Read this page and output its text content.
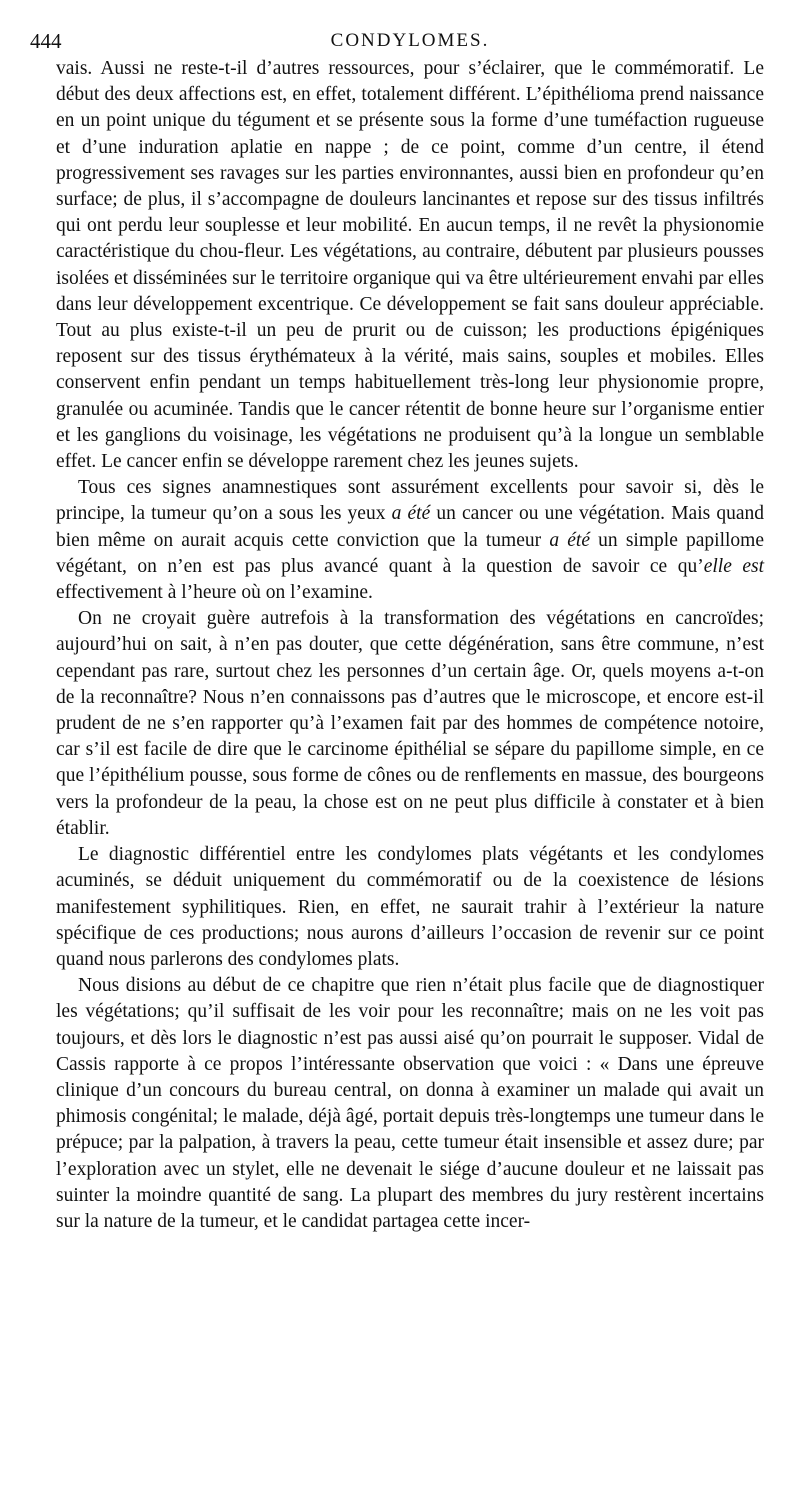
444	CONDYLOMES.

vais. Aussi ne reste-t-il d’autres ressources, pour s’éclairer, que le commémoratif. Le début des deux affections est, en effet, totalement différent. L’épithélioma prend naissance en un point unique du tégument et se présente sous la forme d’une tuméfaction rugueuse et d’une induration aplatie en nappe ; de ce point, comme d’un centre, il étend progressivement ses ravages sur les parties environnantes, aussi bien en profondeur qu’en surface; de plus, il s’accompagne de douleurs lancinantes et repose sur des tissus infiltrés qui ont perdu leur souplesse et leur mobilité. En aucun temps, il ne revêt la physionomie caractéristique du chou-fleur. Les végétations, au contraire, débutent par plusieurs pousses isolées et disséminées sur le territoire organique qui va être ultérieurement envahi par elles dans leur développement excentrique. Ce développement se fait sans douleur appréciable. Tout au plus existe-t-il un peu de prurit ou de cuisson; les productions épigéniques reposent sur des tissus érythémateux à la vérité, mais sains, souples et mobiles. Elles conservent enfin pendant un temps habituellement très-long leur physionomie propre, granulée ou acuminée. Tandis que le cancer rétentit de bonne heure sur l’organisme entier et les ganglions du voisinage, les végétations ne produisent qu’à la longue un semblable effet. Le cancer enfin se développe rarement chez les jeunes sujets.

Tous ces signes anamnestiques sont assurément excellents pour savoir si, dès le principe, la tumeur qu’on a sous les yeux a été un cancer ou une végétation. Mais quand bien même on aurait acquis cette conviction que la tumeur a été un simple papillome végétant, on n’en est pas plus avancé quant à la question de savoir ce qu’elle est effectivement à l’heure où on l’examine.

On ne croyait guère autrefois à la transformation des végétations en cancroïdes; aujourd’hui on sait, à n’en pas douter, que cette dégénération, sans être commune, n’est cependant pas rare, surtout chez les personnes d’un certain âge. Or, quels moyens a-t-on de la reconnaître? Nous n’en connaissons pas d’autres que le microscope, et encore est-il prudent de ne s’en rapporter qu’à l’examen fait par des hommes de compétence notoire, car s’il est facile de dire que le carcinome épithélial se sépare du papillome simple, en ce que l’épithélium pousse, sous forme de cônes ou de renflements en massue, des bourgeons vers la profondeur de la peau, la chose est on ne peut plus difficile à constater et à bien établir.

Le diagnostic différentiel entre les condylomes plats végétants et les condylomes acuminés, se déduit uniquement du commémoratif ou de la coexistence de lésions manifestement syphilitiques. Rien, en effet, ne saurait trahir à l’extérieur la nature spécifique de ces productions; nous aurons d’ailleurs l’occasion de revenir sur ce point quand nous parlerons des condylomes plats.

Nous disions au début de ce chapitre que rien n’était plus facile que de diagnostiquer les végétations; qu’il suffisait de les voir pour les reconnaître; mais on ne les voit pas toujours, et dès lors le diagnostic n’est pas aussi aisé qu’on pourrait le supposer. Vidal de Cassis rapporte à ce propos l’intéressante observation que voici : « Dans une épreuve clinique d’un concours du bureau central, on donna à examiner un malade qui avait un phimosis congénital; le malade, déjà âgé, portait depuis très-longtemps une tumeur dans le prépuce; par la palpation, à travers la peau, cette tumeur était insensible et assez dure; par l’exploration avec un stylet, elle ne devenait le siége d’aucune douleur et ne laissait pas suinter la moindre quantité de sang. La plupart des membres du jury restèrent incertains sur la nature de la tumeur, et le candidat partagea cette incer-
